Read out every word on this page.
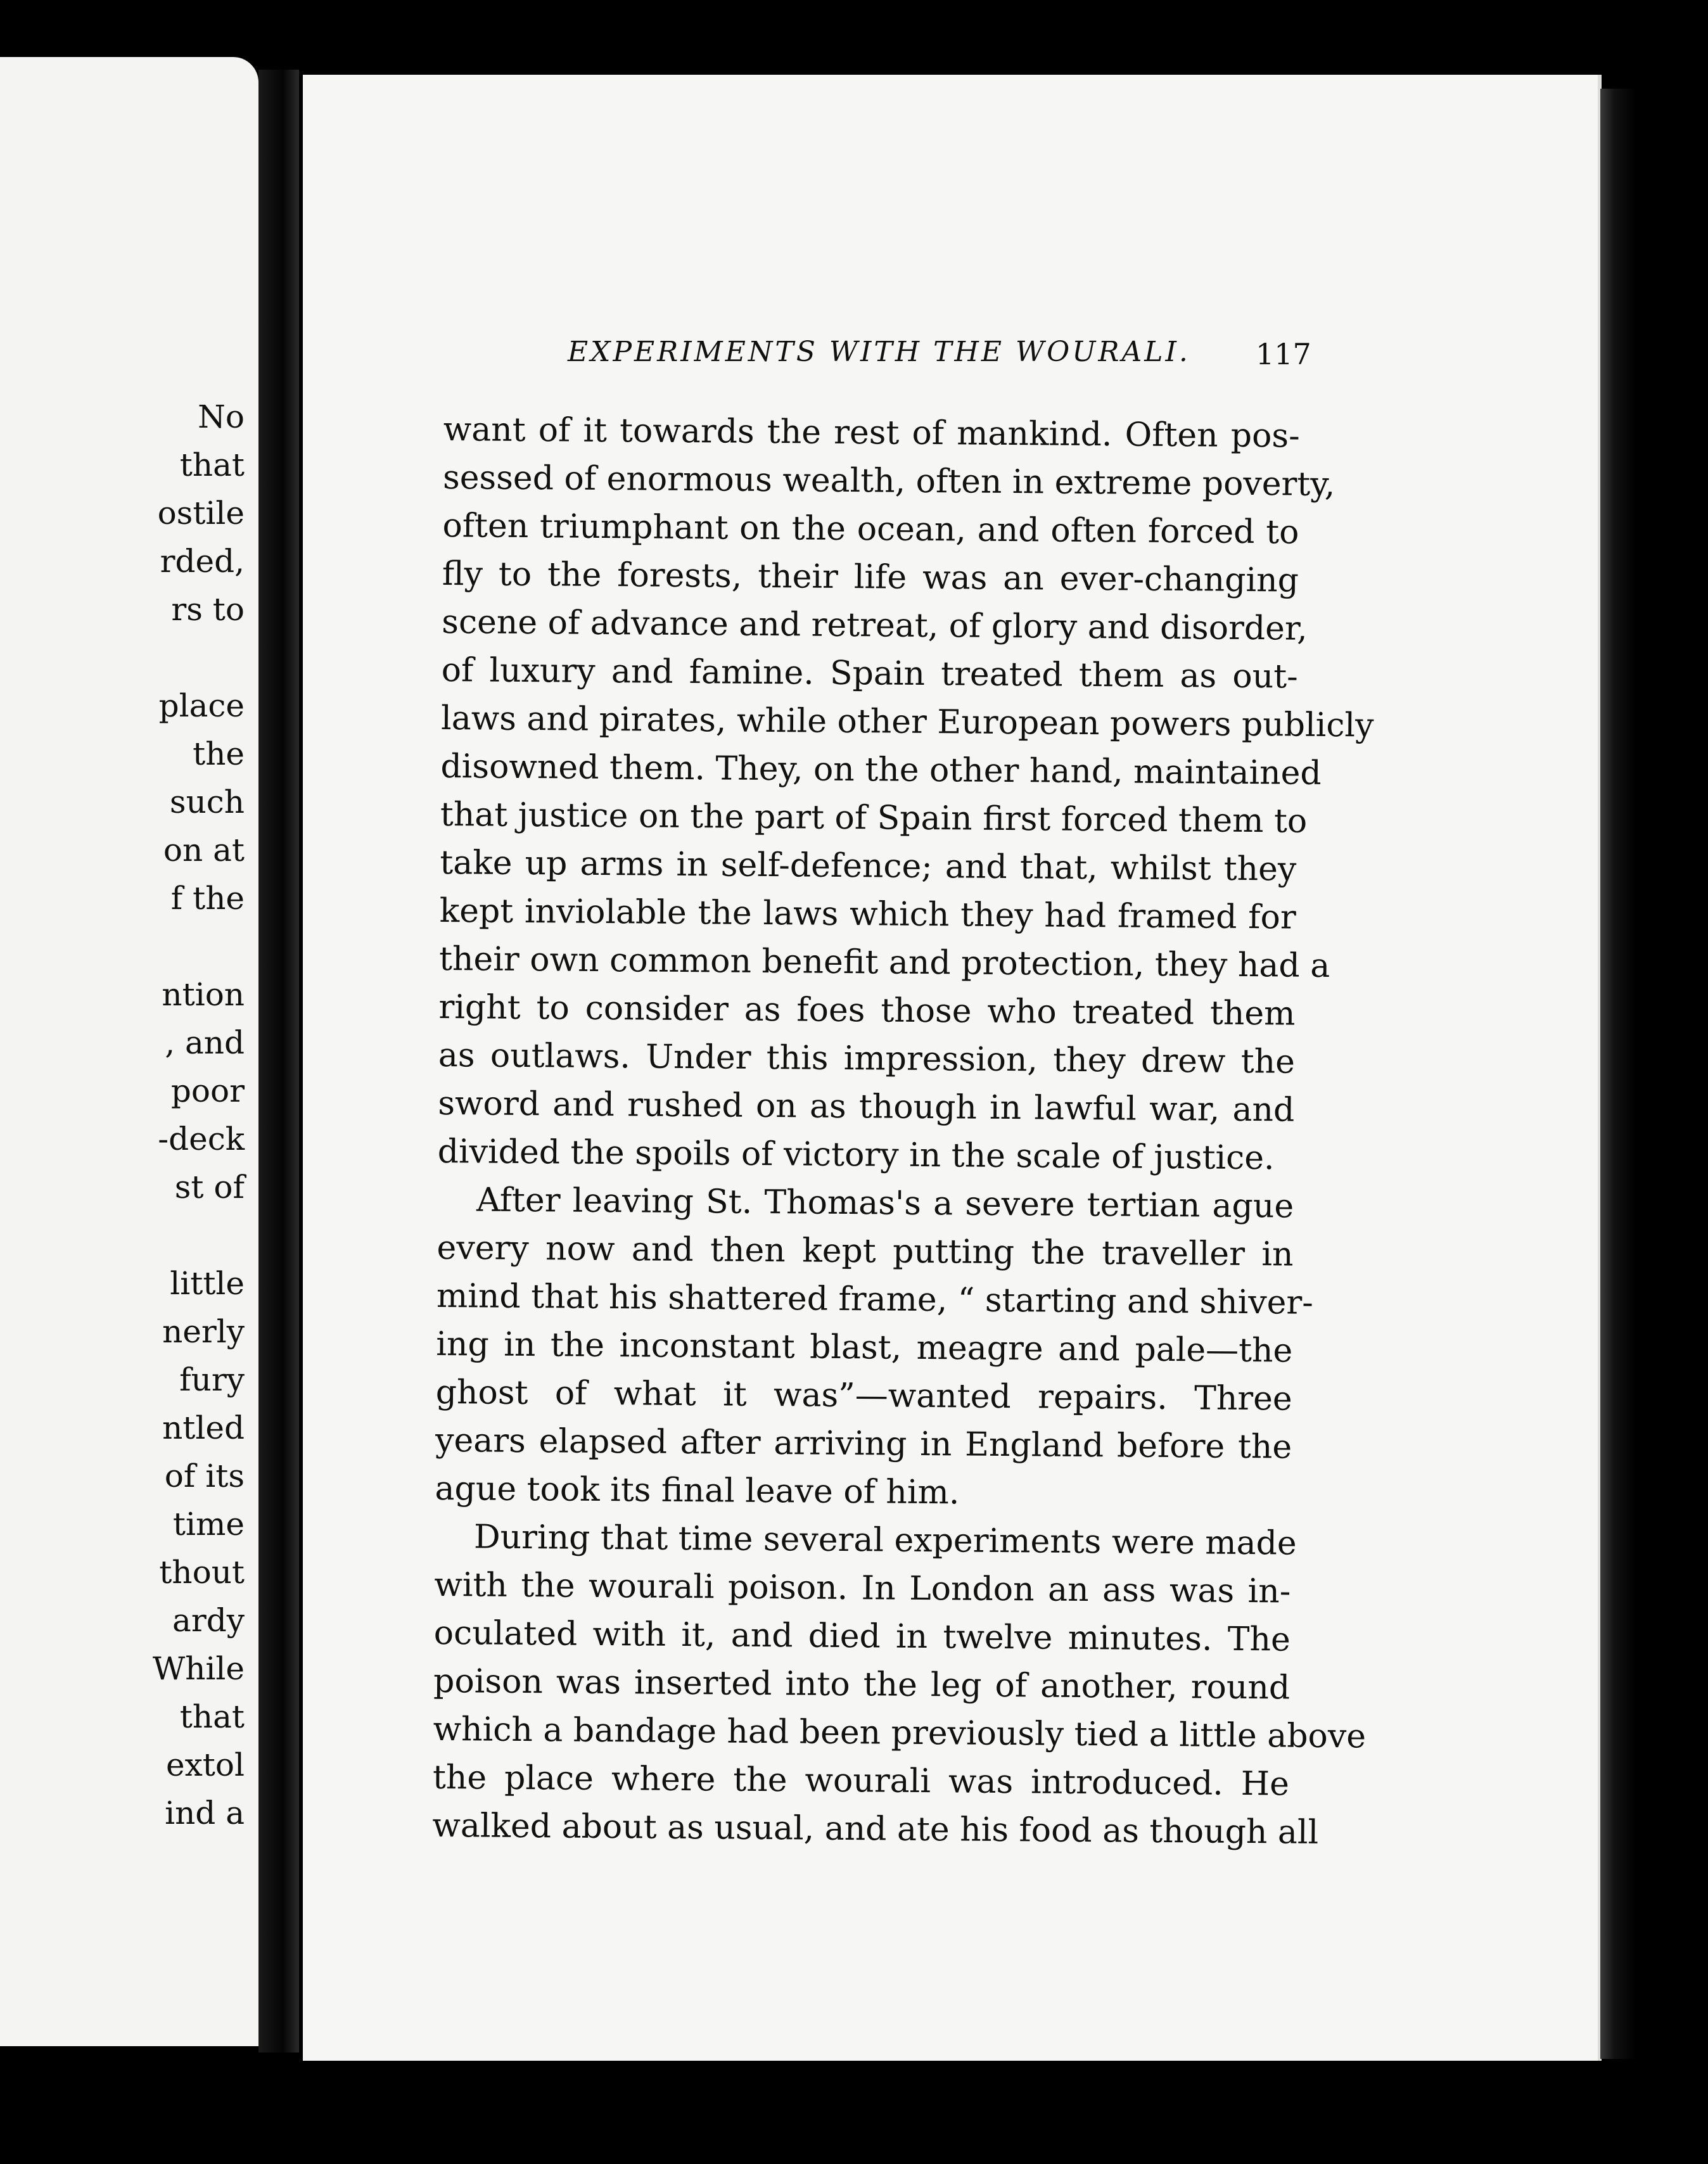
No
that
ostile
rded,
rs to
place
the
such
on at
f the
ntion
, and
poor
-deck
st of
little
nerly
fury
ntled
of its
time
thout
ardy
While
that
extol
ind a
EXPERIMENTS WITH THE WOURALI. 117
want of it towards the rest of mankind. Often pos-
sessed of enormous wealth, often in extreme poverty,
often triumphant on the ocean, and often forced to
fly to the forests, their life was an ever-changing
scene of advance and retreat, of glory and disorder,
of luxury and famine. Spain treated them as out-
laws and pirates, while other European powers publicly
disowned them. They, on the other hand, maintained
that justice on the part of Spain first forced them to
take up arms in self-defence; and that, whilst they
kept inviolable the laws which they had framed for
their own common benefit and protection, they had a
right to consider as foes those who treated them
as outlaws. Under this impression, they drew the
sword and rushed on as though in lawful war, and
divided the spoils of victory in the scale of justice.
After leaving St. Thomas's a severe tertian ague
every now and then kept putting the traveller in
mind that his shattered frame, “ starting and shiver-
ing in the inconstant blast, meagre and pale—the
ghost of what it was”—wanted repairs. Three
years elapsed after arriving in England before the
ague took its final leave of him.
During that time several experiments were made
with the wourali poison. In London an ass was in-
oculated with it, and died in twelve minutes. The
poison was inserted into the leg of another, round
which a bandage had been previously tied a little above
the place where the wourali was introduced. He
walked about as usual, and ate his food as though all
